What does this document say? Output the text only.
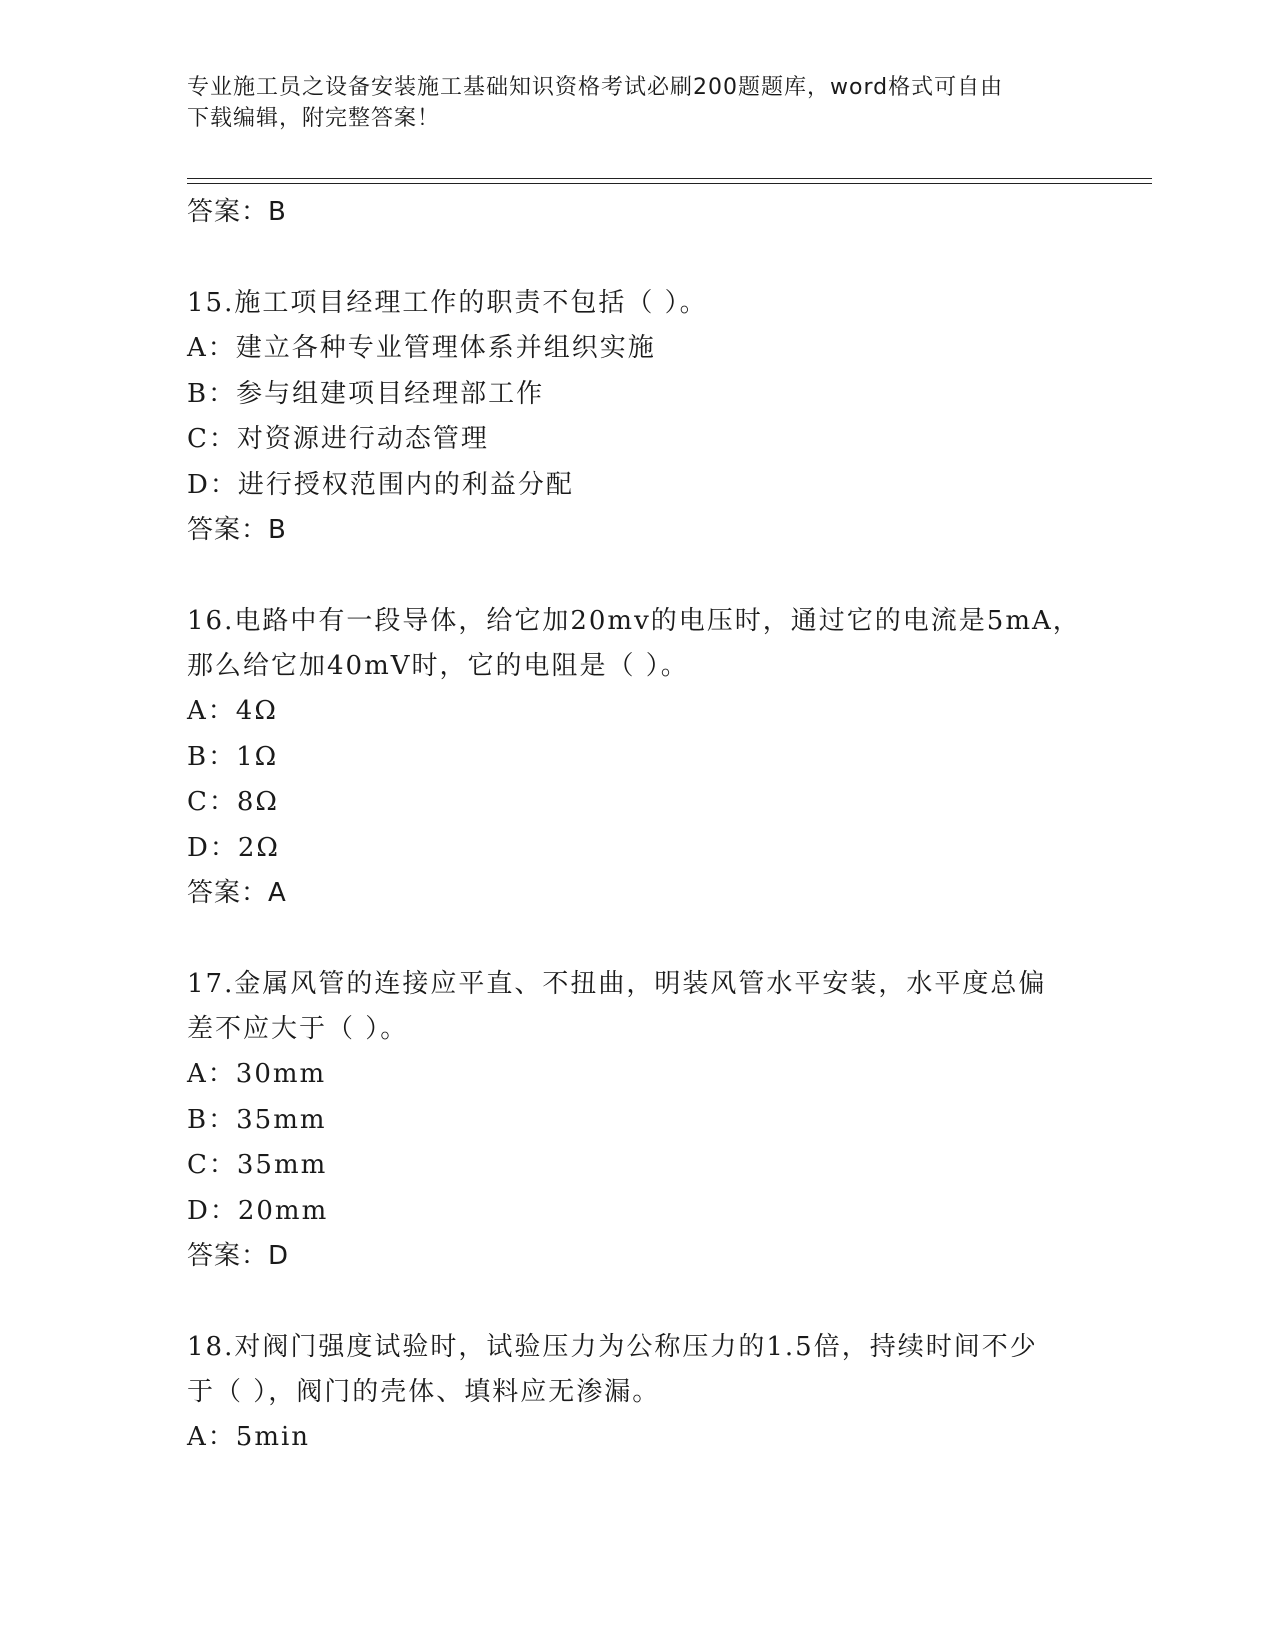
专业施工员之设备安装施工基础知识资格考试必刷200题题库，word格式可自由
下载编辑，附完整答案！

答案：B

15.施工项目经理工作的职责不包括（ ）。

A：建立各种专业管理体系并组织实施

B：参与组建项目经理部工作

C：对资源进行动态管理

D：进行授权范围内的利益分配

答案：B

16.电路中有一段导体，给它加20mv的电压时，通过它的电流是5mA，

那么给它加40mV时，它的电阻是（ ）。

A：4Ω

B：1Ω

C：8Ω

D：2Ω

答案：A

17.金属风管的连接应平直、不扭曲，明装风管水平安装，水平度总偏

差不应大于（ ）。

A：30mm

B：35mm

C：35mm

D：20mm

答案：D

18.对阀门强度试验时，试验压力为公称压力的1.5倍，持续时间不少

于（ ），阀门的壳体、填料应无渗漏。

A：5min
